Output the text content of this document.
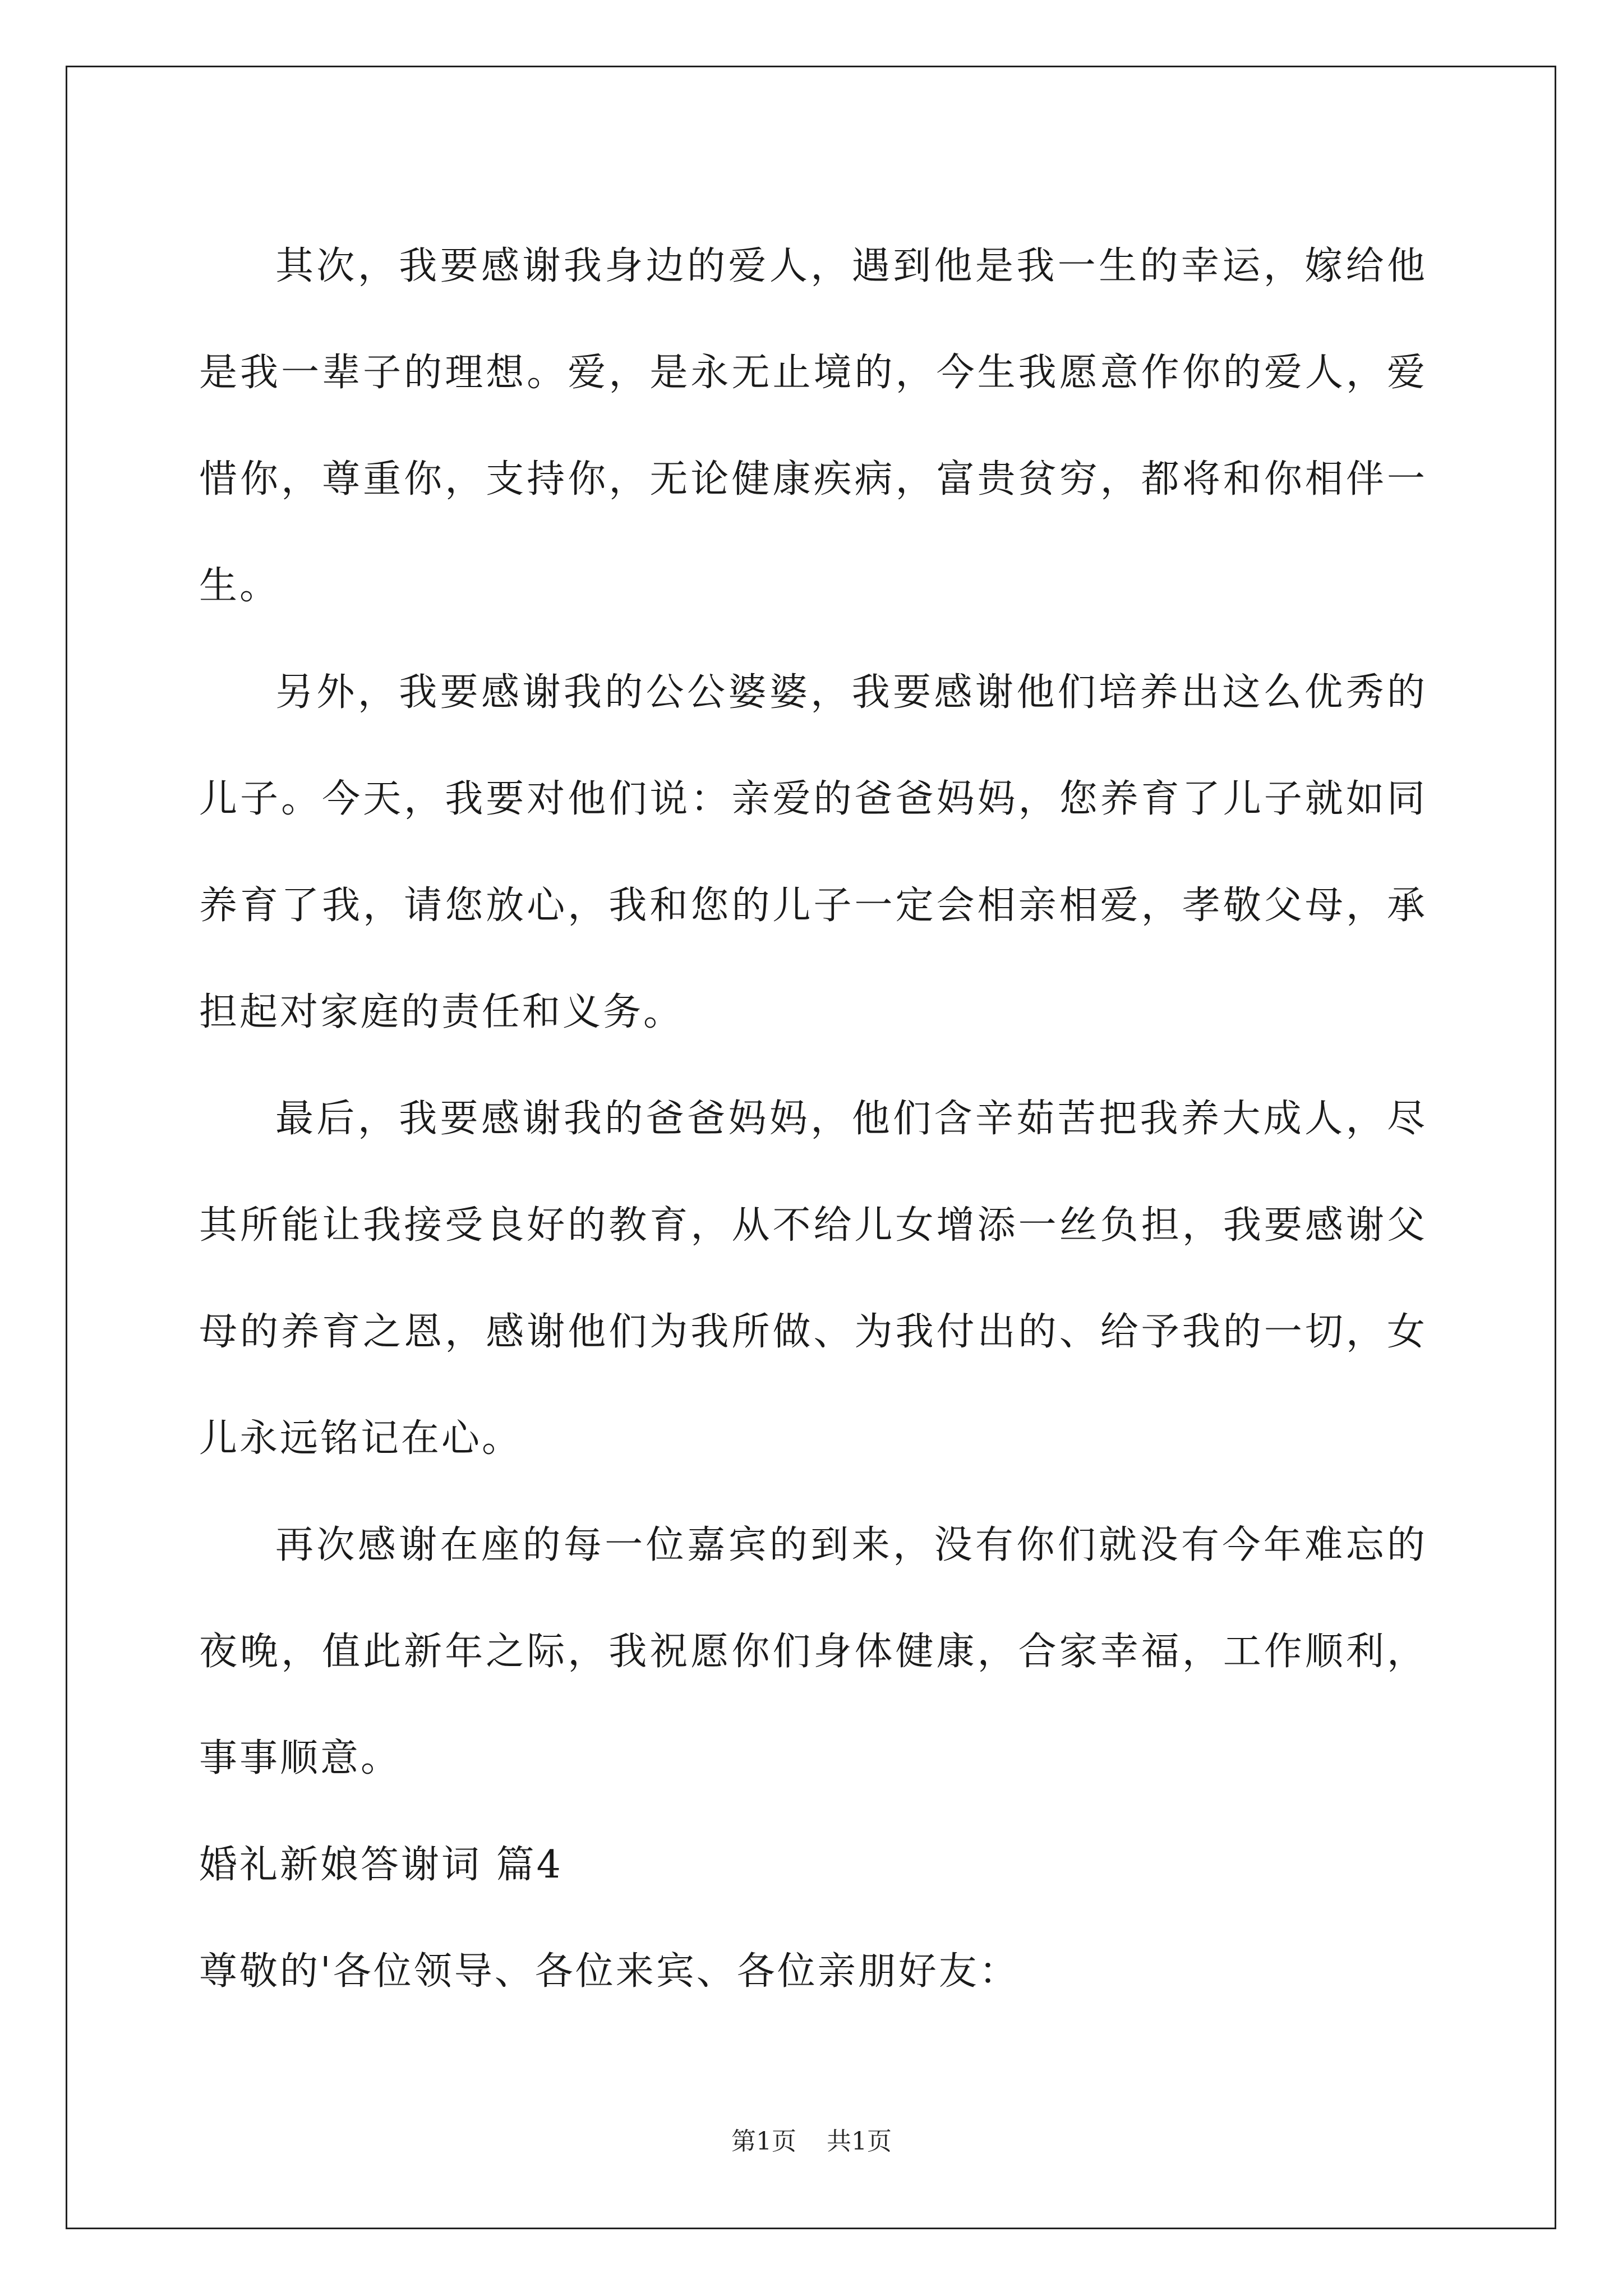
其次，我要感谢我身边的爱人，遇到他是我一生的幸运，嫁给他是我一辈子的理想。爱，是永无止境的，今生我愿意作你的爱人，爱惜你，尊重你，支持你，无论健康疾病，富贵贫穷，都将和你相伴一生。

另外，我要感谢我的公公婆婆，我要感谢他们培养出这么优秀的儿子。今天，我要对他们说：亲爱的爸爸妈妈，您养育了儿子就如同养育了我，请您放心，我和您的儿子一定会相亲相爱，孝敬父母，承担起对家庭的责任和义务。

最后，我要感谢我的爸爸妈妈，他们含辛茹苦把我养大成人，尽其所能让我接受良好的教育，从不给儿女增添一丝负担，我要感谢父母的养育之恩，感谢他们为我所做、为我付出的、给予我的一切，女儿永远铭记在心。

再次感谢在座的每一位嘉宾的到来，没有你们就没有今年难忘的夜晚，值此新年之际，我祝愿你们身体健康，合家幸福，工作顺利，事事顺意。

婚礼新娘答谢词 篇4

尊敬的'各位领导、各位来宾、各位亲朋好友：

第1页 共1页
